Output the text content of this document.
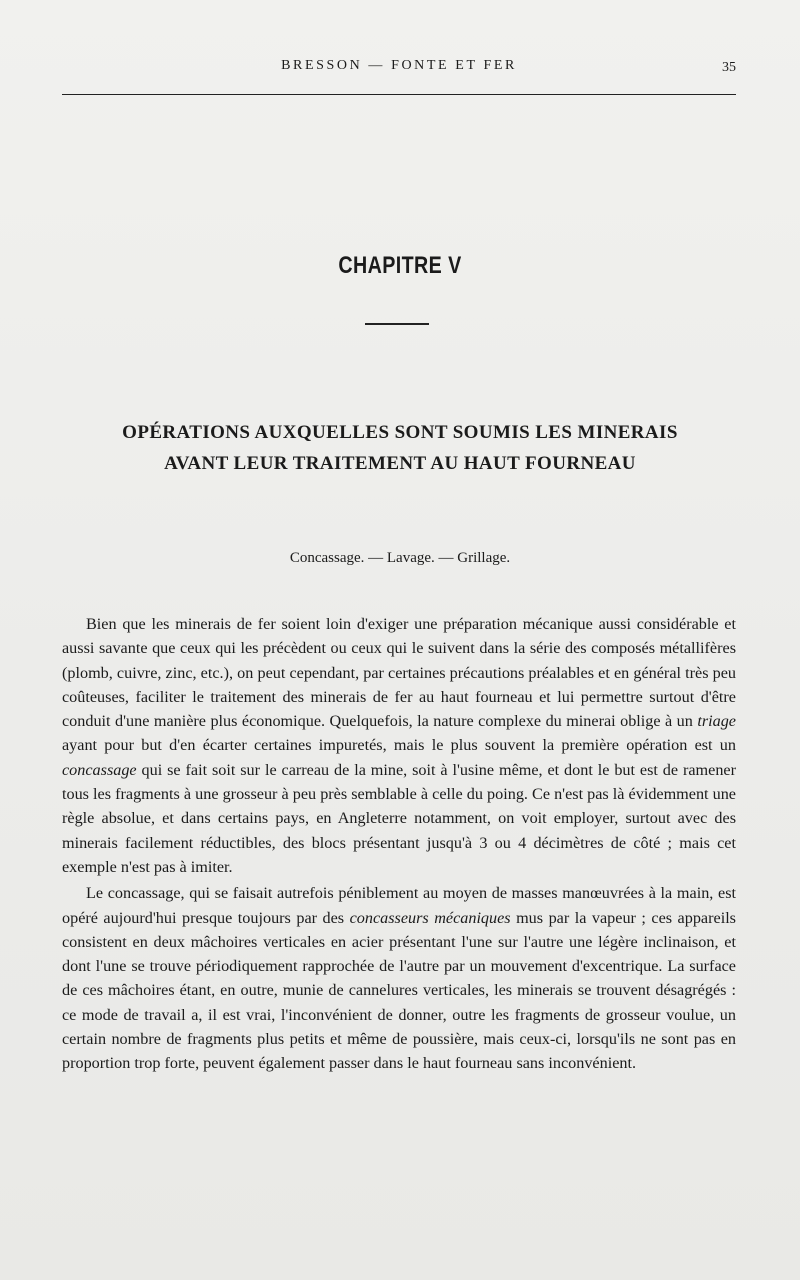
BRESSON — FONTE ET FER	35
CHAPITRE V
OPÉRATIONS AUXQUELLES SONT SOUMIS LES MINERAIS
AVANT LEUR TRAITEMENT AU HAUT FOURNEAU
Concassage. — Lavage. — Grillage.

Bien que les minerais de fer soient loin d'exiger une préparation mécanique aussi considérable et aussi savante que ceux qui les précèdent ou ceux qui le suivent dans la série des composés métallifères (plomb, cuivre, zinc, etc.), on peut cependant, par certaines précautions préalables et en général très peu coûteuses, faciliter le traitement des minerais de fer au haut fourneau et lui permettre surtout d'être conduit d'une manière plus économique. Quelquefois, la nature complexe du minerai oblige à un triage ayant pour but d'en écarter certaines impuretés, mais le plus souvent la première opération est un concassage qui se fait soit sur le carreau de la mine, soit à l'usine même, et dont le but est de ramener tous les fragments à une grosseur à peu près semblable à celle du poing. Ce n'est pas là évidemment une règle absolue, et dans certains pays, en Angleterre notamment, on voit employer, surtout avec des minerais facilement réductibles, des blocs présentant jusqu'à 3 ou 4 décimètres de côté ; mais cet exemple n'est pas à imiter.

Le concassage, qui se faisait autrefois péniblement au moyen de masses manœuvrées à la main, est opéré aujourd'hui presque toujours par des concasseurs mécaniques mus par la vapeur ; ces appareils consistent en deux mâchoires verticales en acier présentant l'une sur l'autre une légère inclinaison, et dont l'une se trouve périodiquement rapprochée de l'autre par un mouvement d'excentrique. La surface de ces mâchoires étant, en outre, munie de cannelures verticales, les minerais se trouvent désagrégés : ce mode de travail a, il est vrai, l'inconvénient de donner, outre les fragments de grosseur voulue, un certain nombre de fragments plus petits et même de poussière, mais ceux-ci, lorsqu'ils ne sont pas en proportion trop forte, peuvent également passer dans le haut fourneau sans inconvénient.
